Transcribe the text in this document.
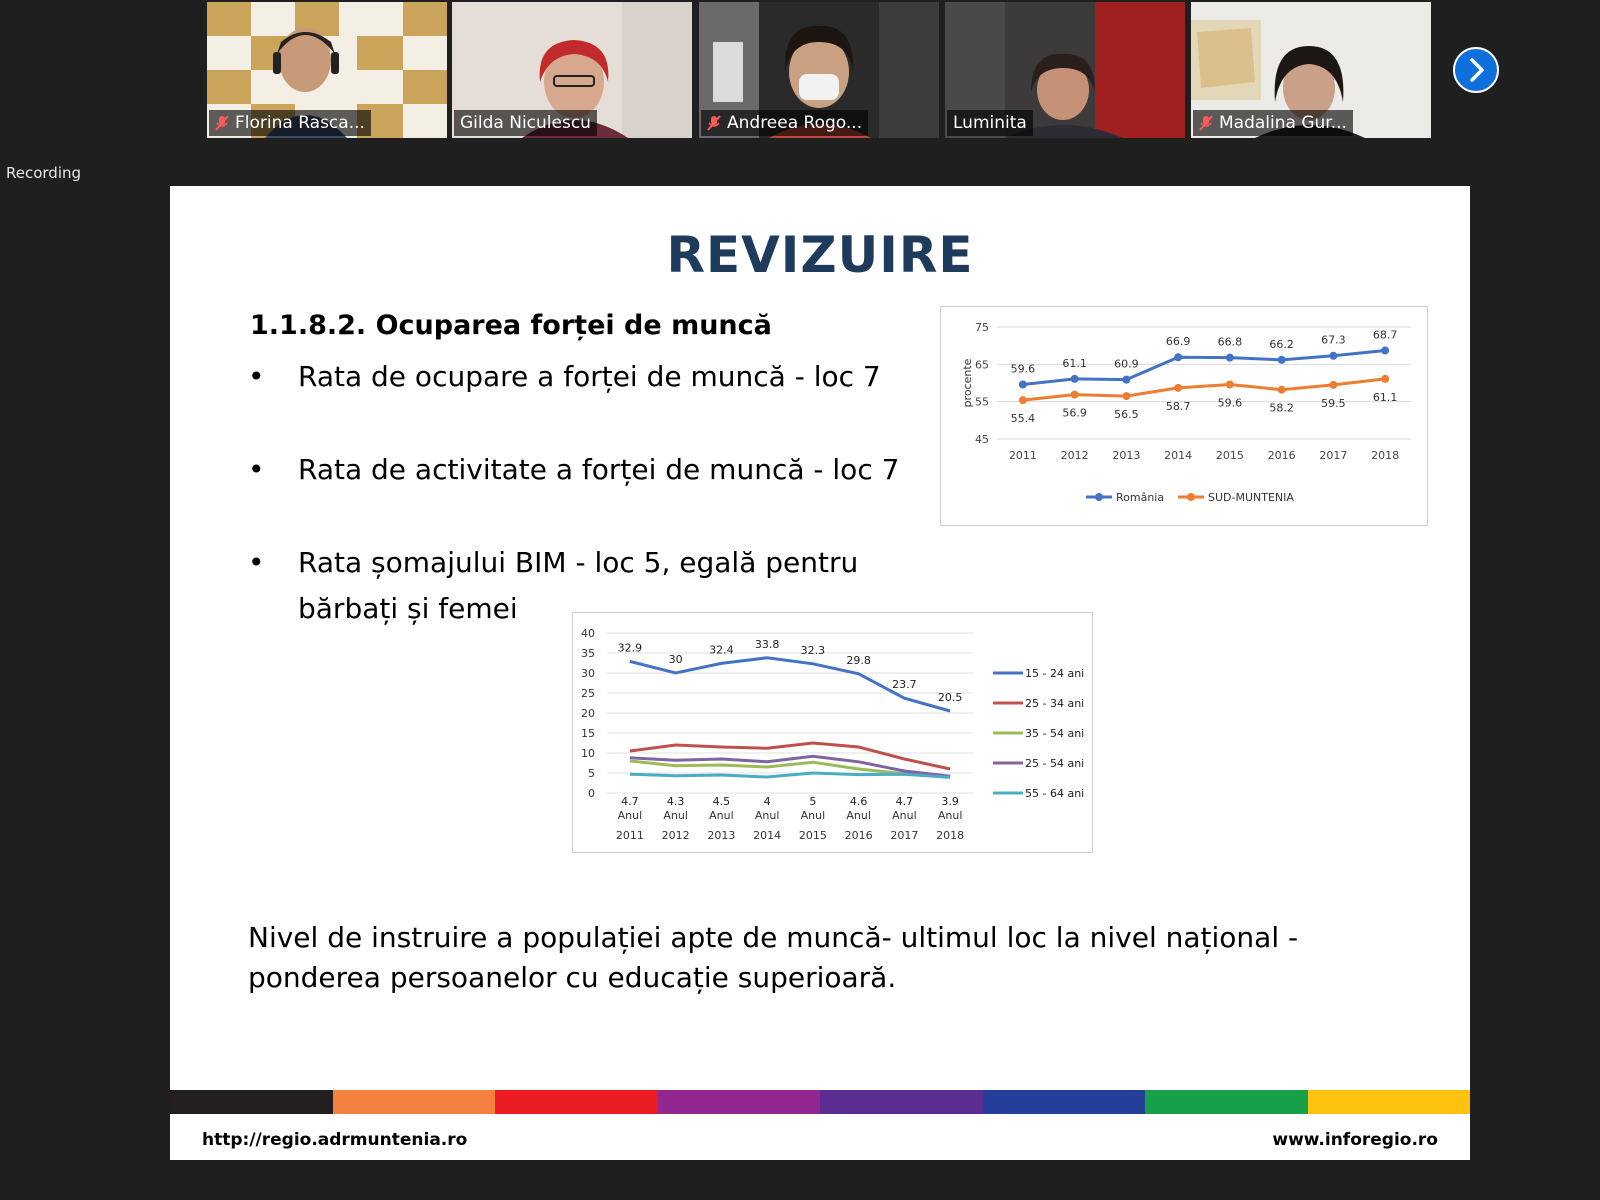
Florina Rasca...	Gilda Niculescu	Andreea Rogo...	Luminita	Madalina Gur...
Recording
REVIZUIRE
1.1.8.2. Ocuparea forței de muncă
•	Rata de ocupare a forței de muncă - loc 7
•	Rata de activitate a forței de muncă - loc 7
•	Rata șomajului BIM - loc 5, egală pentru
bărbați și femei
45
55
65
75
procente
2011 2012 2013 2014 2015 2016 2017 2018
59.6 61.1 60.9
66.9 66.8 66.2 67.3 68.7
55.4 56.9 56.5
58.7 59.6 58.2 59.5 61.1
România	SUD-MUNTENIA
0
5
10
15
20
25
30
35
40
Anul
2011
Anul
2012
Anul
2013
Anul
2014
Anul
2015
Anul
2016
Anul
2017
Anul
2018
32.9
30
32.4 33.8 32.3
29.8
23.7
20.5
4.7	4.3	4.5	4	5	4.6	4.7	3.9
15 - 24 ani
25 - 34 ani
35 - 54 ani
25 - 54 ani
55 - 64 ani
Nivel de instruire a populației apte de muncă- ultimul loc la nivel național - ponderea persoanelor cu educație superioară.
http://regio.adrmuntenia.ro	www.inforegio.ro
